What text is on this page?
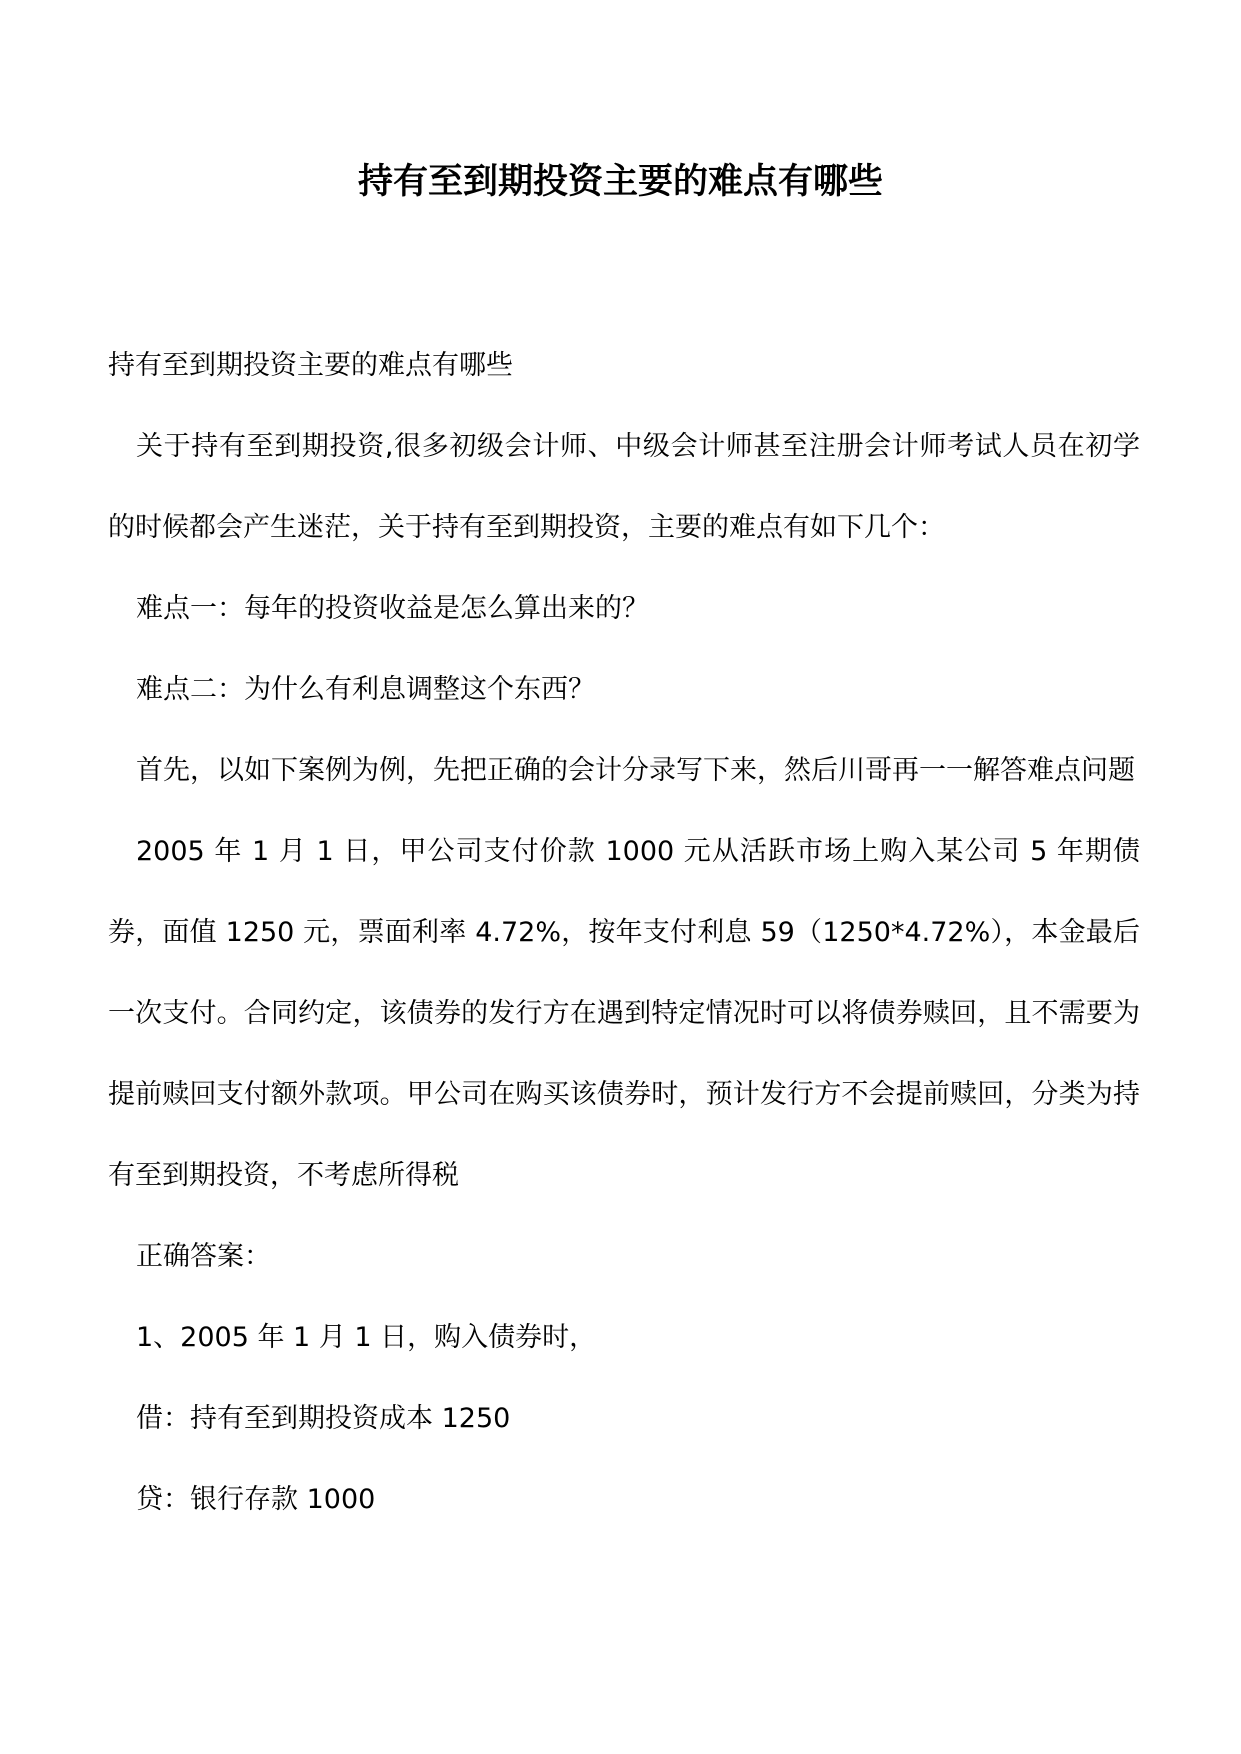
持有至到期投资主要的难点有哪些

持有至到期投资主要的难点有哪些

关于持有至到期投资,很多初级会计师、中级会计师甚至注册会计师考试人员在初学的时候都会产生迷茫，关于持有至到期投资，主要的难点有如下几个：

难点一：每年的投资收益是怎么算出来的？

难点二：为什么有利息调整这个东西？

首先，以如下案例为例，先把正确的会计分录写下来，然后川哥再一一解答难点问题

2005 年 1 月 1 日，甲公司支付价款 1000 元从活跃市场上购入某公司 5 年期债券，面值 1250 元，票面利率 4.72%，按年支付利息 59（1250*4.72%），本金最后一次支付。合同约定，该债券的发行方在遇到特定情况时可以将债券赎回，且不需要为提前赎回支付额外款项。甲公司在购买该债券时，预计发行方不会提前赎回，分类为持有至到期投资，不考虑所得税

正确答案：

1、2005 年 1 月 1 日，购入债券时，

借：持有至到期投资成本 1250

贷：银行存款 1000
